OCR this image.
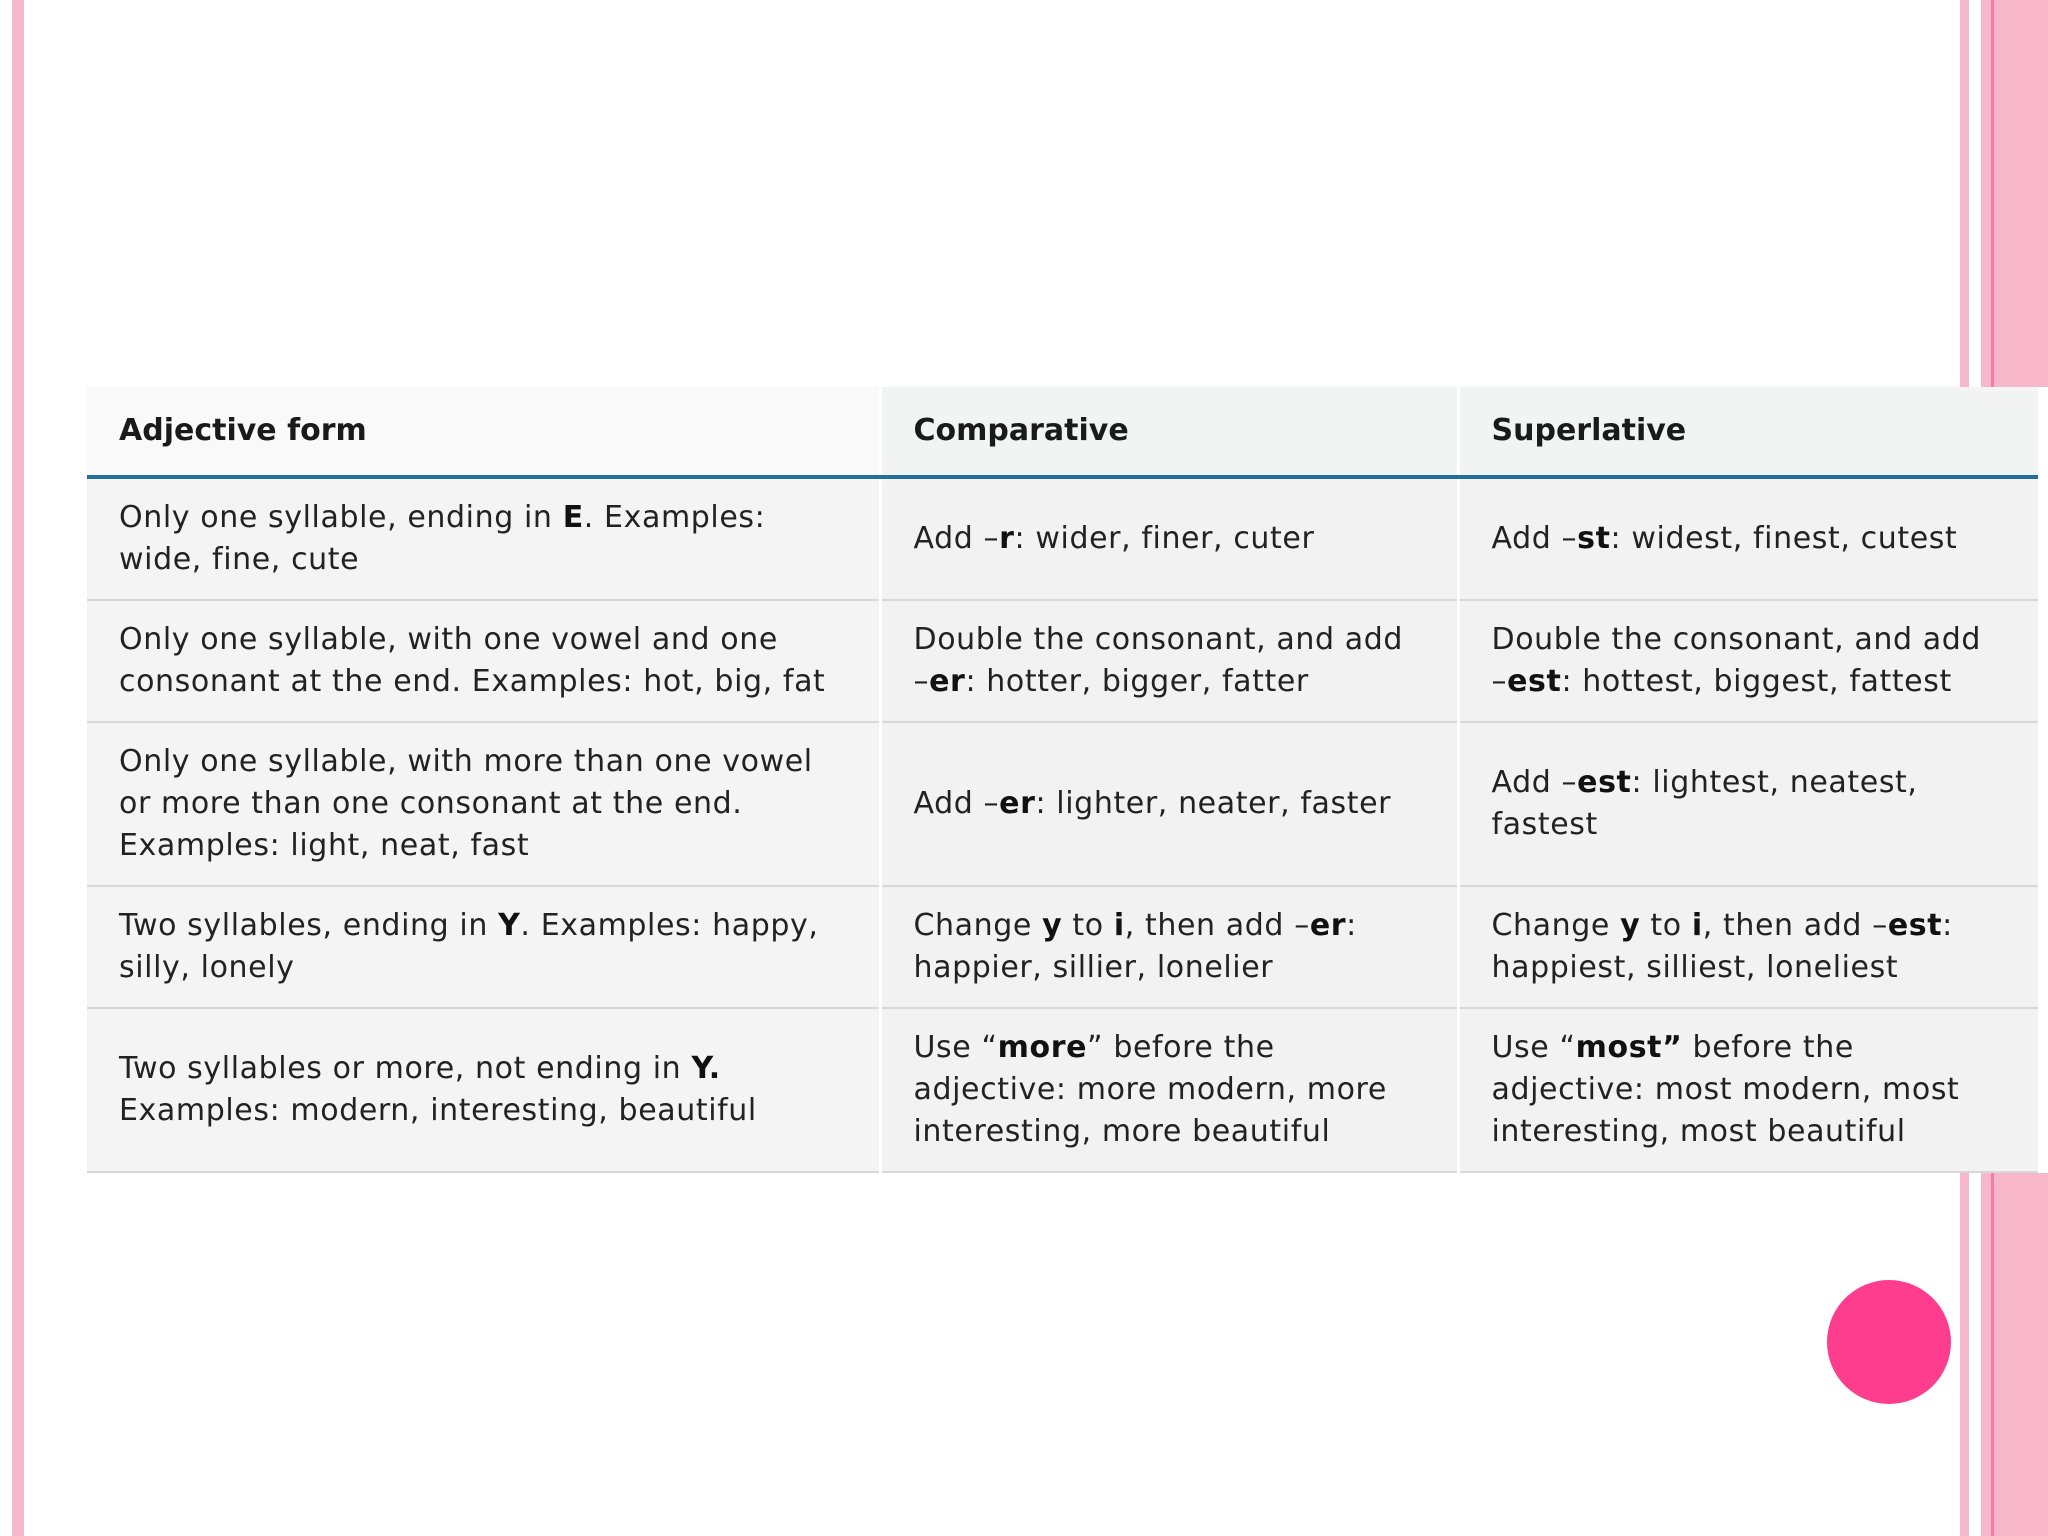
Adjective form	Comparative	Superlative
Only one syllable, ending in E. Examples: wide, fine, cute	Add –r: wider, finer, cuter	Add –st: widest, finest, cutest
Only one syllable, with one vowel and one consonant at the end. Examples: hot, big, fat	Double the consonant, and add –er: hotter, bigger, fatter	Double the consonant, and add –est: hottest, biggest, fattest
Only one syllable, with more than one vowel or more than one consonant at the end. Examples: light, neat, fast	Add –er: lighter, neater, faster	Add –est: lightest, neatest, fastest
Two syllables, ending in Y. Examples: happy, silly, lonely	Change y to i, then add –er: happier, sillier, lonelier	Change y to i, then add –est: happiest, silliest, loneliest
Two syllables or more, not ending in Y. Examples: modern, interesting, beautiful	Use “more” before the adjective: more modern, more interesting, more beautiful	Use “most” before the adjective: most modern, most interesting, most beautiful
